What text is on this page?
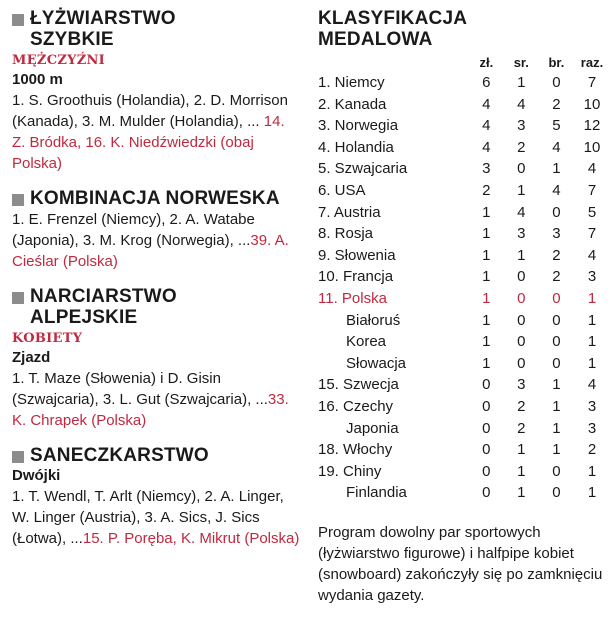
ŁYŻWIARSTWO SZYBKIE
MĘŻCZYŹNI
1000 m
1. S. Groothuis (Holandia), 2. D. Morrison (Kanada), 3. M. Mulder (Holandia), ... 14. Z. Bródka, 16. K. Niedźwiedzki (obaj Polska)
KOMBINACJA NORWESKA
1. E. Frenzel (Niemcy), 2. A. Watabe (Japonia), 3. M. Krog (Norwegia), ...39. A. Cieślar (Polska)
NARCIARSTWO ALPEJSKIE
KOBIETY
Zjazd
1. T. Maze (Słowenia) i D. Gisin (Szwajcaria), 3. L. Gut (Szwajcaria), ...33. K. Chrapek (Polska)
SANECZKARSTWO
Dwójki
1. T. Wendl, T. Arlt (Niemcy), 2. A. Linger, W. Linger (Austria), 3. A. Sics, J. Sics (Łotwa), ...15. P. Poręba, K. Mikrut (Polska)
KLASYFIKACJA MEDALOWA
	zł.	sr.	br.	raz.
1. Niemcy	6	1	0	7
2. Kanada	4	4	2	10
3. Norwegia	4	3	5	12
4. Holandia	4	2	4	10
5. Szwajcaria	3	0	1	4
6. USA	2	1	4	7
7. Austria	1	4	0	5
8. Rosja	1	3	3	7
9. Słowenia	1	1	2	4
10. Francja	1	0	2	3
11. Polska	1	0	0	1
Białoruś	1	0	0	1
Korea	1	0	0	1
Słowacja	1	0	0	1
15. Szwecja	0	3	1	4
16. Czechy	0	2	1	3
Japonia	0	2	1	3
18. Włochy	0	1	1	2
19. Chiny	0	1	0	1
Finlandia	0	1	0	1
Program dowolny par sportowych (łyżwiarstwo figurowe) i halfpipe kobiet (snowboard) zakończyły się po zamknięciu wydania gazety.
